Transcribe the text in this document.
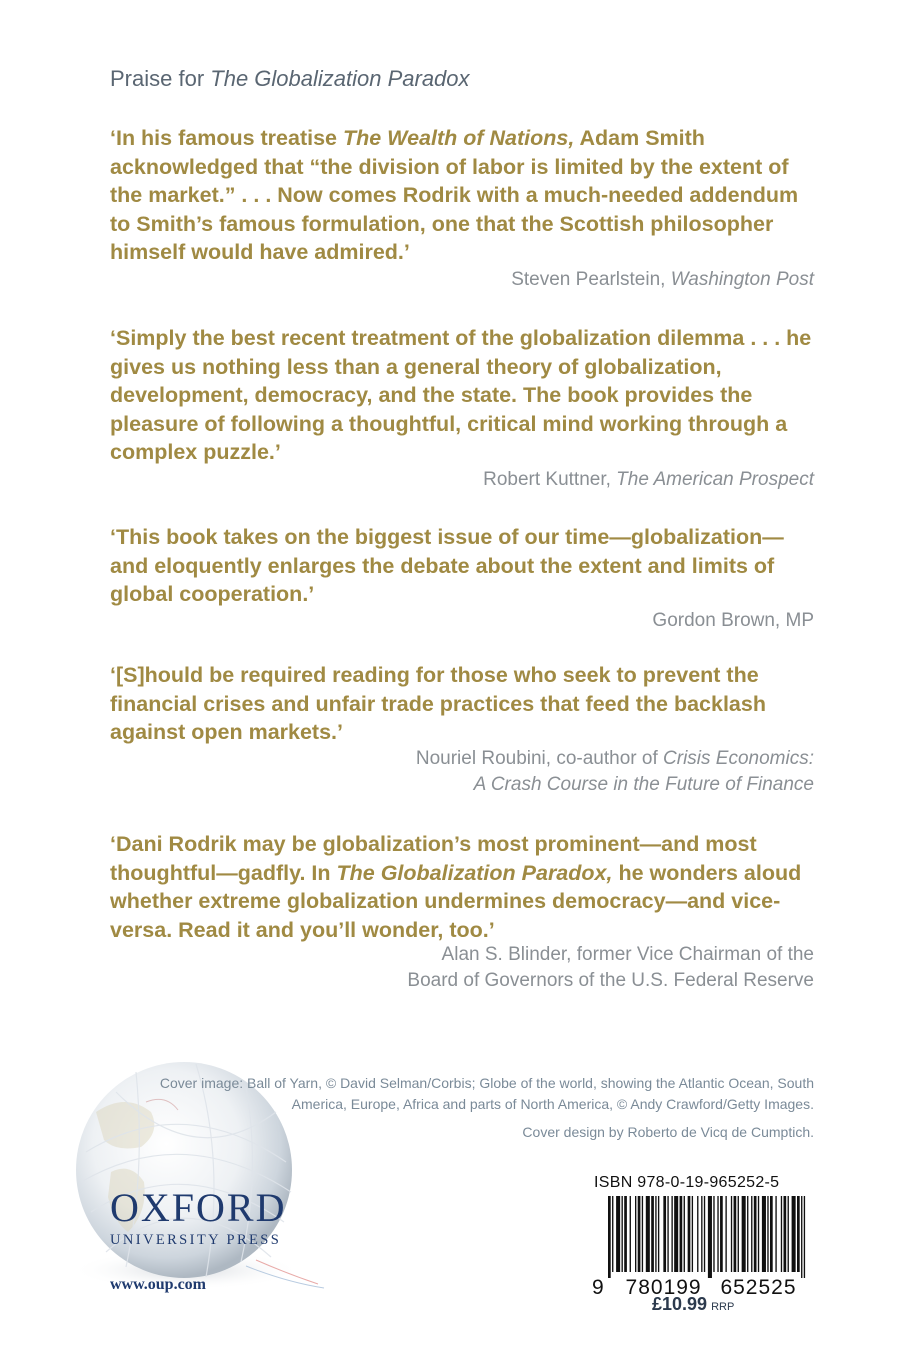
Praise for The Globalization Paradox

‘In his famous treatise The Wealth of Nations, Adam Smith acknowledged that “the division of labor is limited by the extent of the market.” . . . Now comes Rodrik with a much-needed addendum to Smith’s famous formulation, one that the Scottish philosopher himself would have admired.’

Steven Pearlstein, Washington Post

‘Simply the best recent treatment of the globalization dilemma . . . he gives us nothing less than a general theory of globalization, development, democracy, and the state. The book provides the pleasure of following a thoughtful, critical mind working through a complex puzzle.’

Robert Kuttner, The American Prospect

‘This book takes on the biggest issue of our time—globalization—and eloquently enlarges the debate about the extent and limits of global cooperation.’

Gordon Brown, MP

‘[S]hould be required reading for those who seek to prevent the financial crises and unfair trade practices that feed the backlash against open markets.’

Nouriel Roubini, co-author of Crisis Economics:
A Crash Course in the Future of Finance

‘Dani Rodrik may be globalization’s most prominent—and most thoughtful—gadfly. In The Globalization Paradox, he wonders aloud whether extreme globalization undermines democracy—and vice-versa. Read it and you’ll wonder, too.’

Alan S. Blinder, former Vice Chairman of the
Board of Governors of the U.S. Federal Reserve
OXFORD
UNIVERSITY PRESS
www.oup.com
Cover image: Ball of Yarn, © David Selman/Corbis; Globe of the world, showing the Atlantic Ocean, South America, Europe, Africa and parts of North America, © Andy Crawford/Getty Images.
Cover design by Roberto de Vicq de Cumptich.
ISBN 978-0-19-965252-5
9 780199 652525
£10.99 RRP
